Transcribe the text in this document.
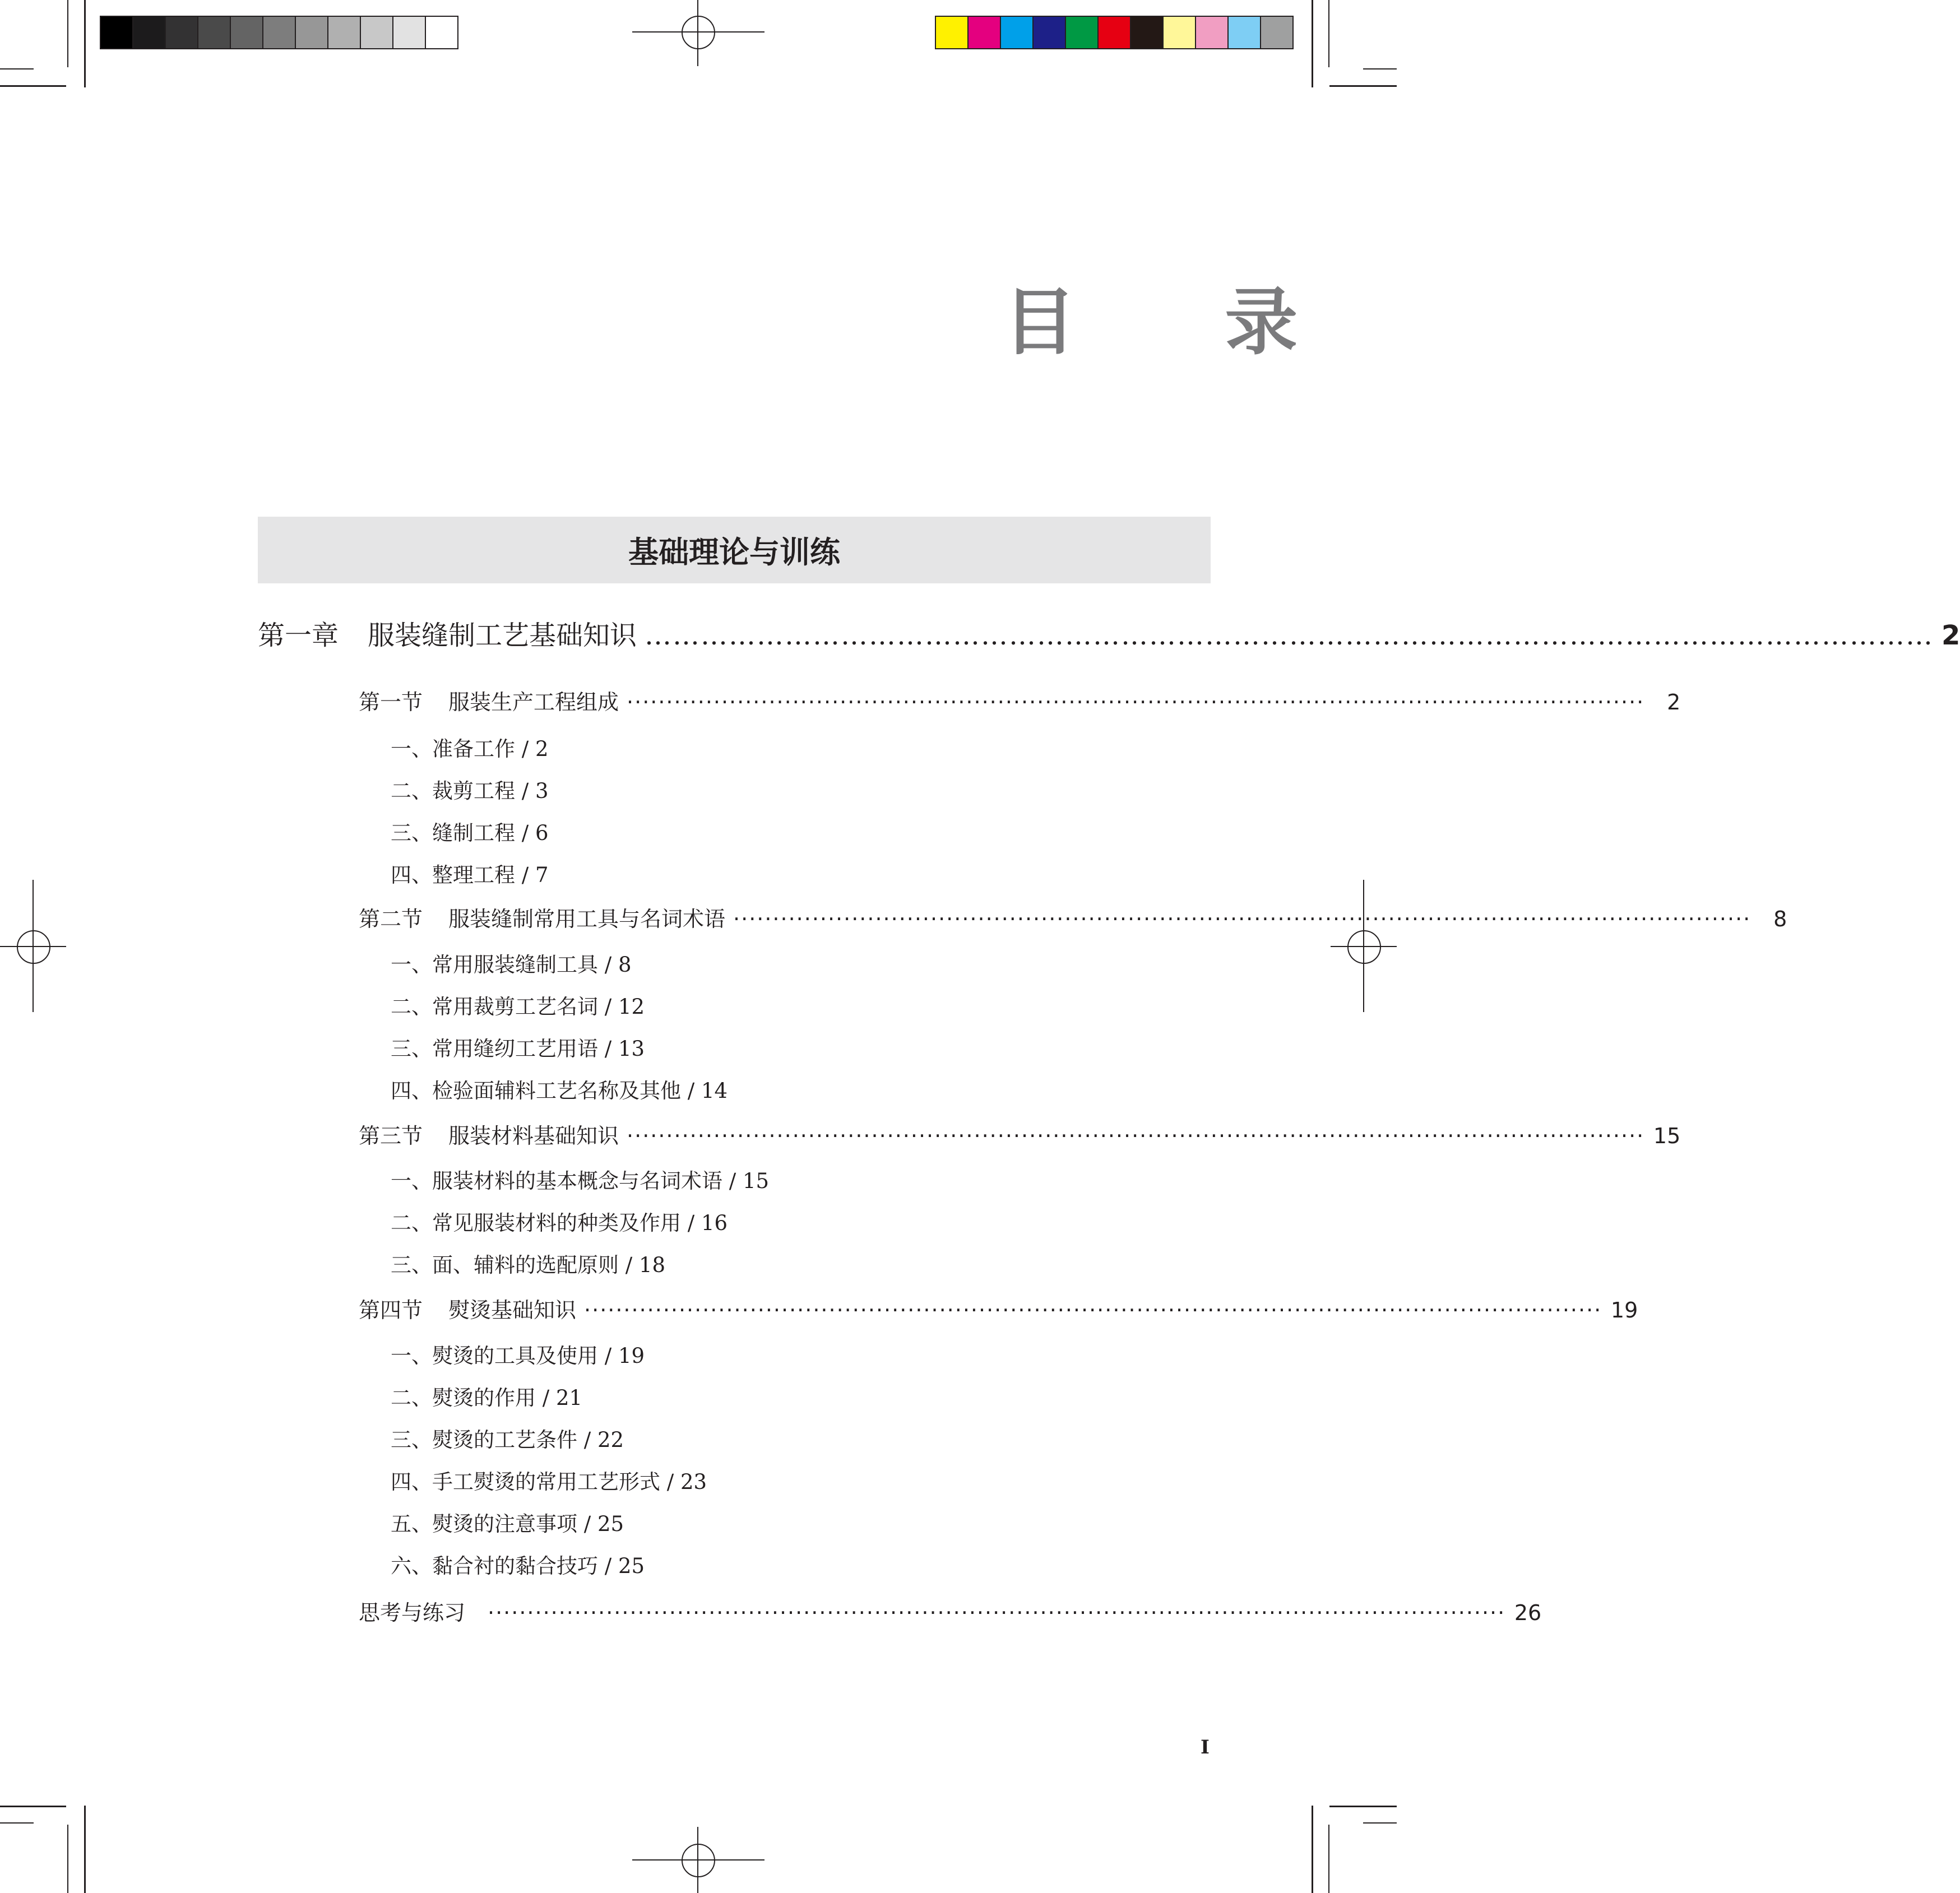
目 录
基础理论与训练
第一章 服装缝制工艺基础知识 ………………………………………………………………………………………………………………………… 2
第一节 服装生产工程组成 ·································································································································	2
一、准备工作 / 2
二、裁剪工程 / 3
三、缝制工程 / 6
四、整理工程 / 7
第二节 服装缝制常用工具与名词术语 ·································································································································	8
一、常用服装缝制工具 / 8
二、常用裁剪工艺名词 / 12
三、常用缝纫工艺用语 / 13
四、检验面辅料工艺名称及其他 / 14
第三节 服装材料基础知识 ································································································································· 15
一、服装材料的基本概念与名词术语 / 15
二、常见服装材料的种类及作用 / 16
三、面、辅料的选配原则 / 18
第四节 熨烫基础知识 ································································································································· 19
一、熨烫的工具及使用 / 19
二、熨烫的作用 / 21
三、熨烫的工艺条件 / 22
四、手工熨烫的常用工艺形式 / 23
五、熨烫的注意事项 / 25
六、黏合衬的黏合技巧 / 25
思考与练习 ································································································································· 26
I
